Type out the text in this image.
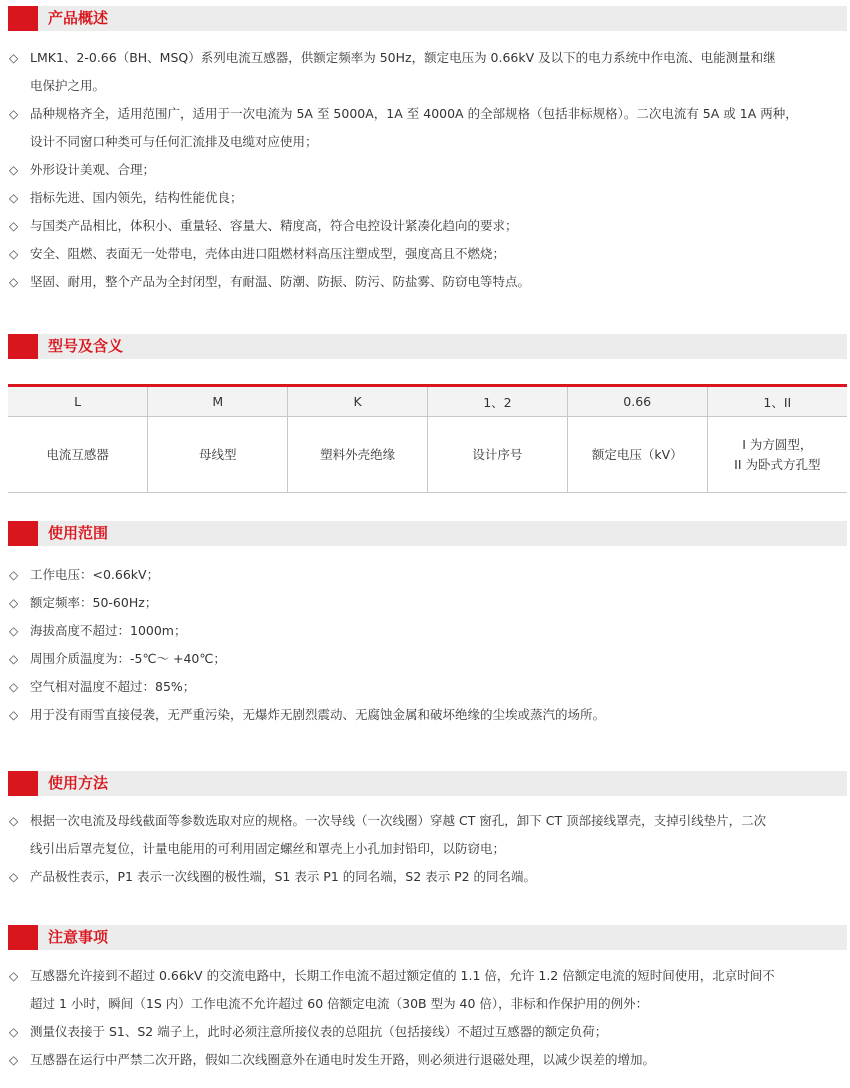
产品概述
◇ LMK1、2-0.66（BH、MSQ）系列电流互感器，供额定频率为 50Hz，额定电压为 0.66kV 及以下的电力系统中作电流、电能测量和继
电保护之用。
◇ 品种规格齐全，适用范围广，适用于一次电流为 5A 至 5000A，1A 至 4000A 的全部规格（包括非标规格）。二次电流有 5A 或 1A 两种，
设计不同窗口种类可与任何汇流排及电缆对应使用；
◇ 外形设计美观、合理；
◇ 指标先进、国内领先，结构性能优良；
◇ 与国类产品相比，体积小、重量轻、容量大、精度高，符合电控设计紧凑化趋向的要求；
◇ 安全、阻燃、表面无一处带电，壳体由进口阻燃材料高压注塑成型，强度高且不燃烧；
◇ 坚固、耐用，整个产品为全封闭型，有耐温、防潮、防振、防污、防盐雾、防窃电等特点。
型号及含义
L	M	K	1、2	0.66	1、II
电流互感器	母线型	塑料外壳绝缘	设计序号	额定电压（kV）	I 为方圆型，
II 为卧式方孔型
使用范围
◇ 工作电压：<0.66kV；
◇ 额定频率：50-60Hz；
◇ 海拔高度不超过：1000m；
◇ 周围介质温度为：-5℃～ +40℃；
◇ 空气相对温度不超过：85%；
◇ 用于没有雨雪直接侵袭，无严重污染，无爆炸无剧烈震动、无腐蚀金属和破坏绝缘的尘埃或蒸汽的场所。
使用方法
◇ 根据一次电流及母线截面等参数选取对应的规格。一次导线（一次线圈）穿越 CT 窗孔，卸下 CT 顶部接线罩壳，支掉引线垫片，二次
线引出后罩壳复位，计量电能用的可利用固定螺丝和罩壳上小孔加封铅印，以防窃电；
◇ 产品极性表示，P1 表示一次线圈的极性端，S1 表示 P1 的同名端，S2 表示 P2 的同名端。
注意事项
◇ 互感器允许接到不超过 0.66kV 的交流电路中，长期工作电流不超过额定值的 1.1 倍，允许 1.2 倍额定电流的短时间使用，北京时间不
超过 1 小时，瞬间（1S 内）工作电流不允许超过 60 倍额定电流（30B 型为 40 倍），非标和作保护用的例外：
◇ 测量仪表接于 S1、S2 端子上，此时必须注意所接仪表的总阻抗（包括接线）不超过互感器的额定负荷；
◇ 互感器在运行中严禁二次开路，假如二次线圈意外在通电时发生开路，则必须进行退磁处理，以减少误差的增加。
